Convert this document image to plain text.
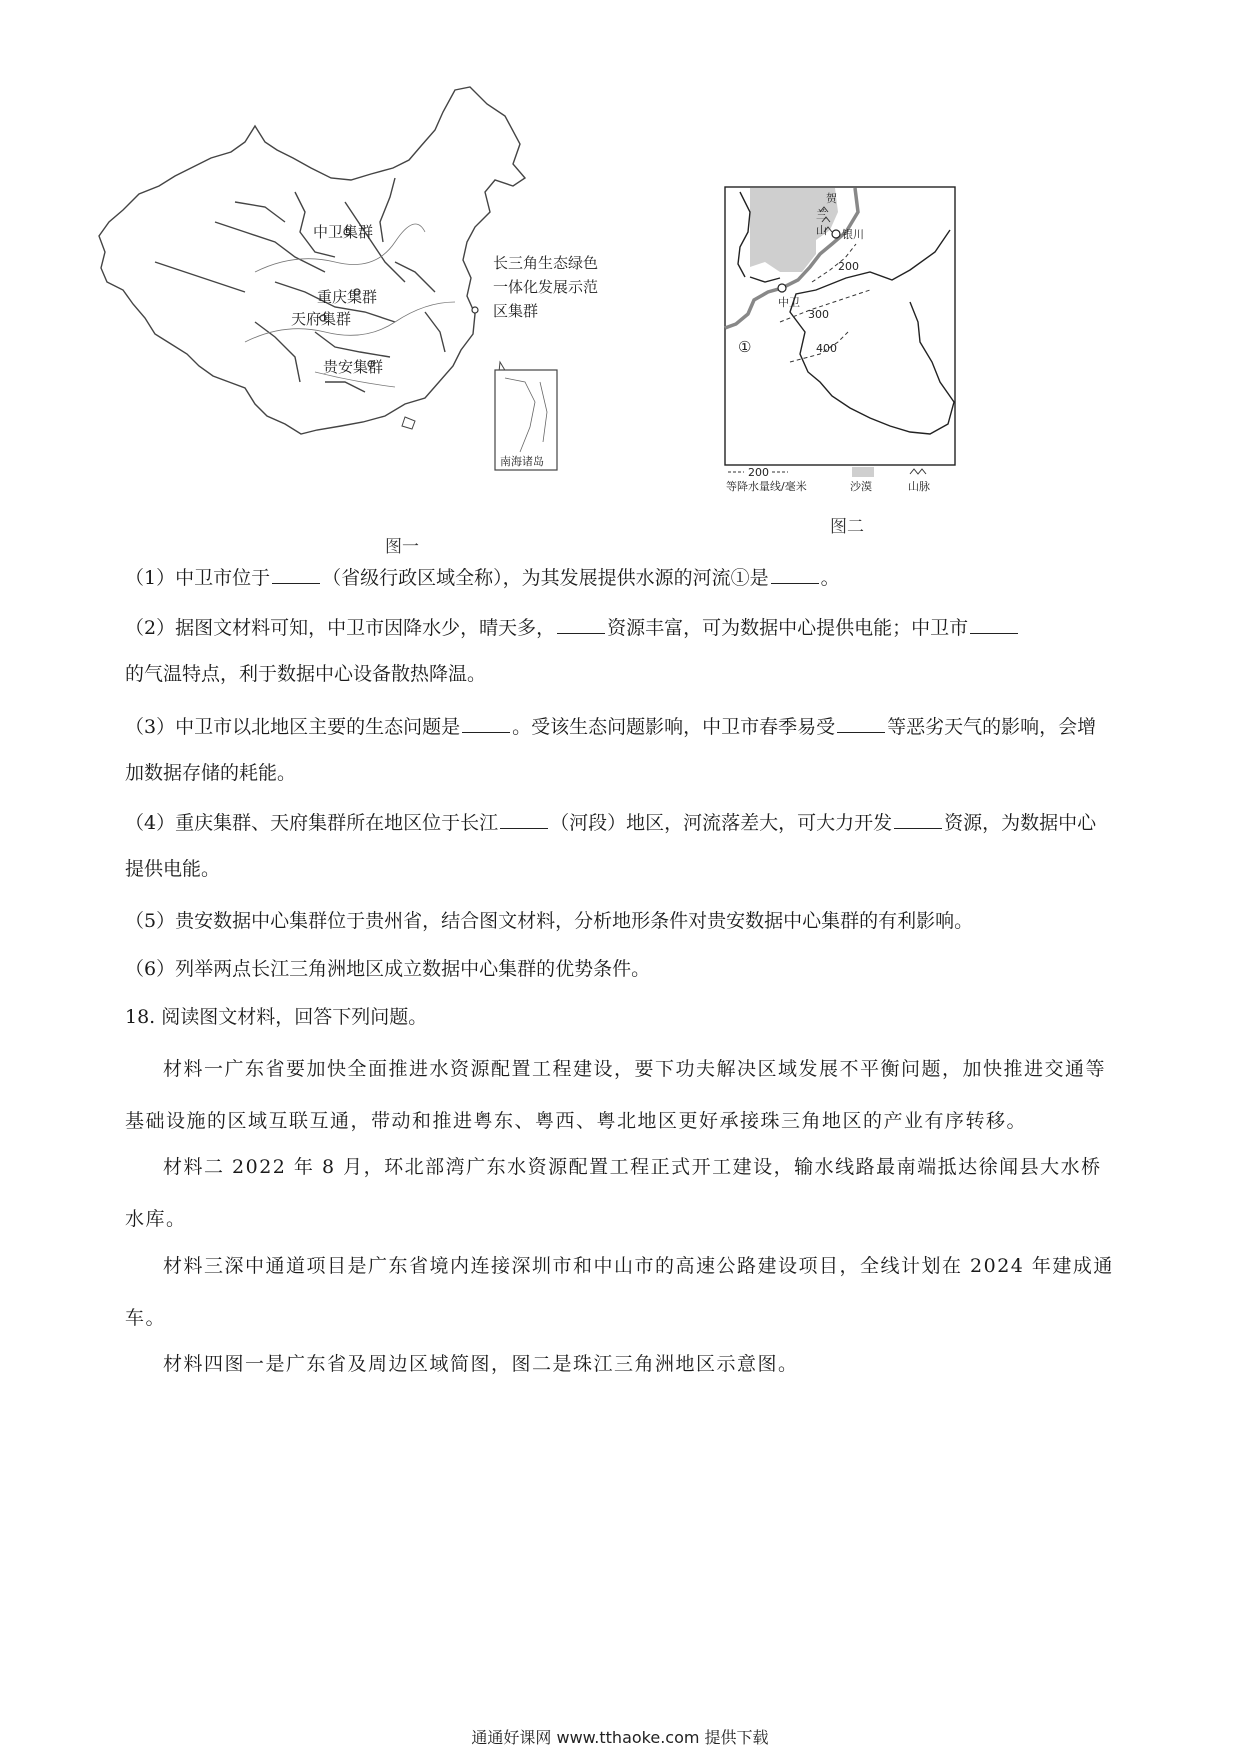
南海诸岛
中卫集群
重庆集群
天府集群
贵安集群
长三角生态绿色
一体化发展示范
区集群
图一
贺
兰
山
200
300
400
银川
中卫
①
200
等降水量线/毫米	沙漠	山脉
图二
（1）中卫市位于	（省级行政区域全称），为其发展提供水源的河流①是	。
（2）据图文材料可知，中卫市因降水少，晴天多，	资源丰富，可为数据中心提供电能；中卫市
的气温特点，利于数据中心设备散热降温。
（3）中卫市以北地区主要的生态问题是	。受该生态问题影响，中卫市春季易受	等恶劣天气的影响，会增加数据存储的耗能。
（4）重庆集群、天府集群所在地区位于长江	（河段）地区，河流落差大，可大力开发	资源，为数据中心提供电能。
（5）贵安数据中心集群位于贵州省，结合图文材料，分析地形条件对贵安数据中心集群的有利影响。
（6）列举两点长江三角洲地区成立数据中心集群的优势条件。
18. 阅读图文材料，回答下列问题。
材料一广东省要加快全面推进水资源配置工程建设，要下功夫解决区域发展不平衡问题，加快推进交通等基础设施的区域互联互通，带动和推进粤东、粤西、粤北地区更好承接珠三角地区的产业有序转移。
材料二 2022 年 8 月，环北部湾广东水资源配置工程正式开工建设，输水线路最南端抵达徐闻县大水桥水库。
材料三深中通道项目是广东省境内连接深圳市和中山市的高速公路建设项目，全线计划在 2024 年建成通车。
材料四图一是广东省及周边区域简图，图二是珠江三角洲地区示意图。
通通好课网 www.tthaoke.com 提供下载
